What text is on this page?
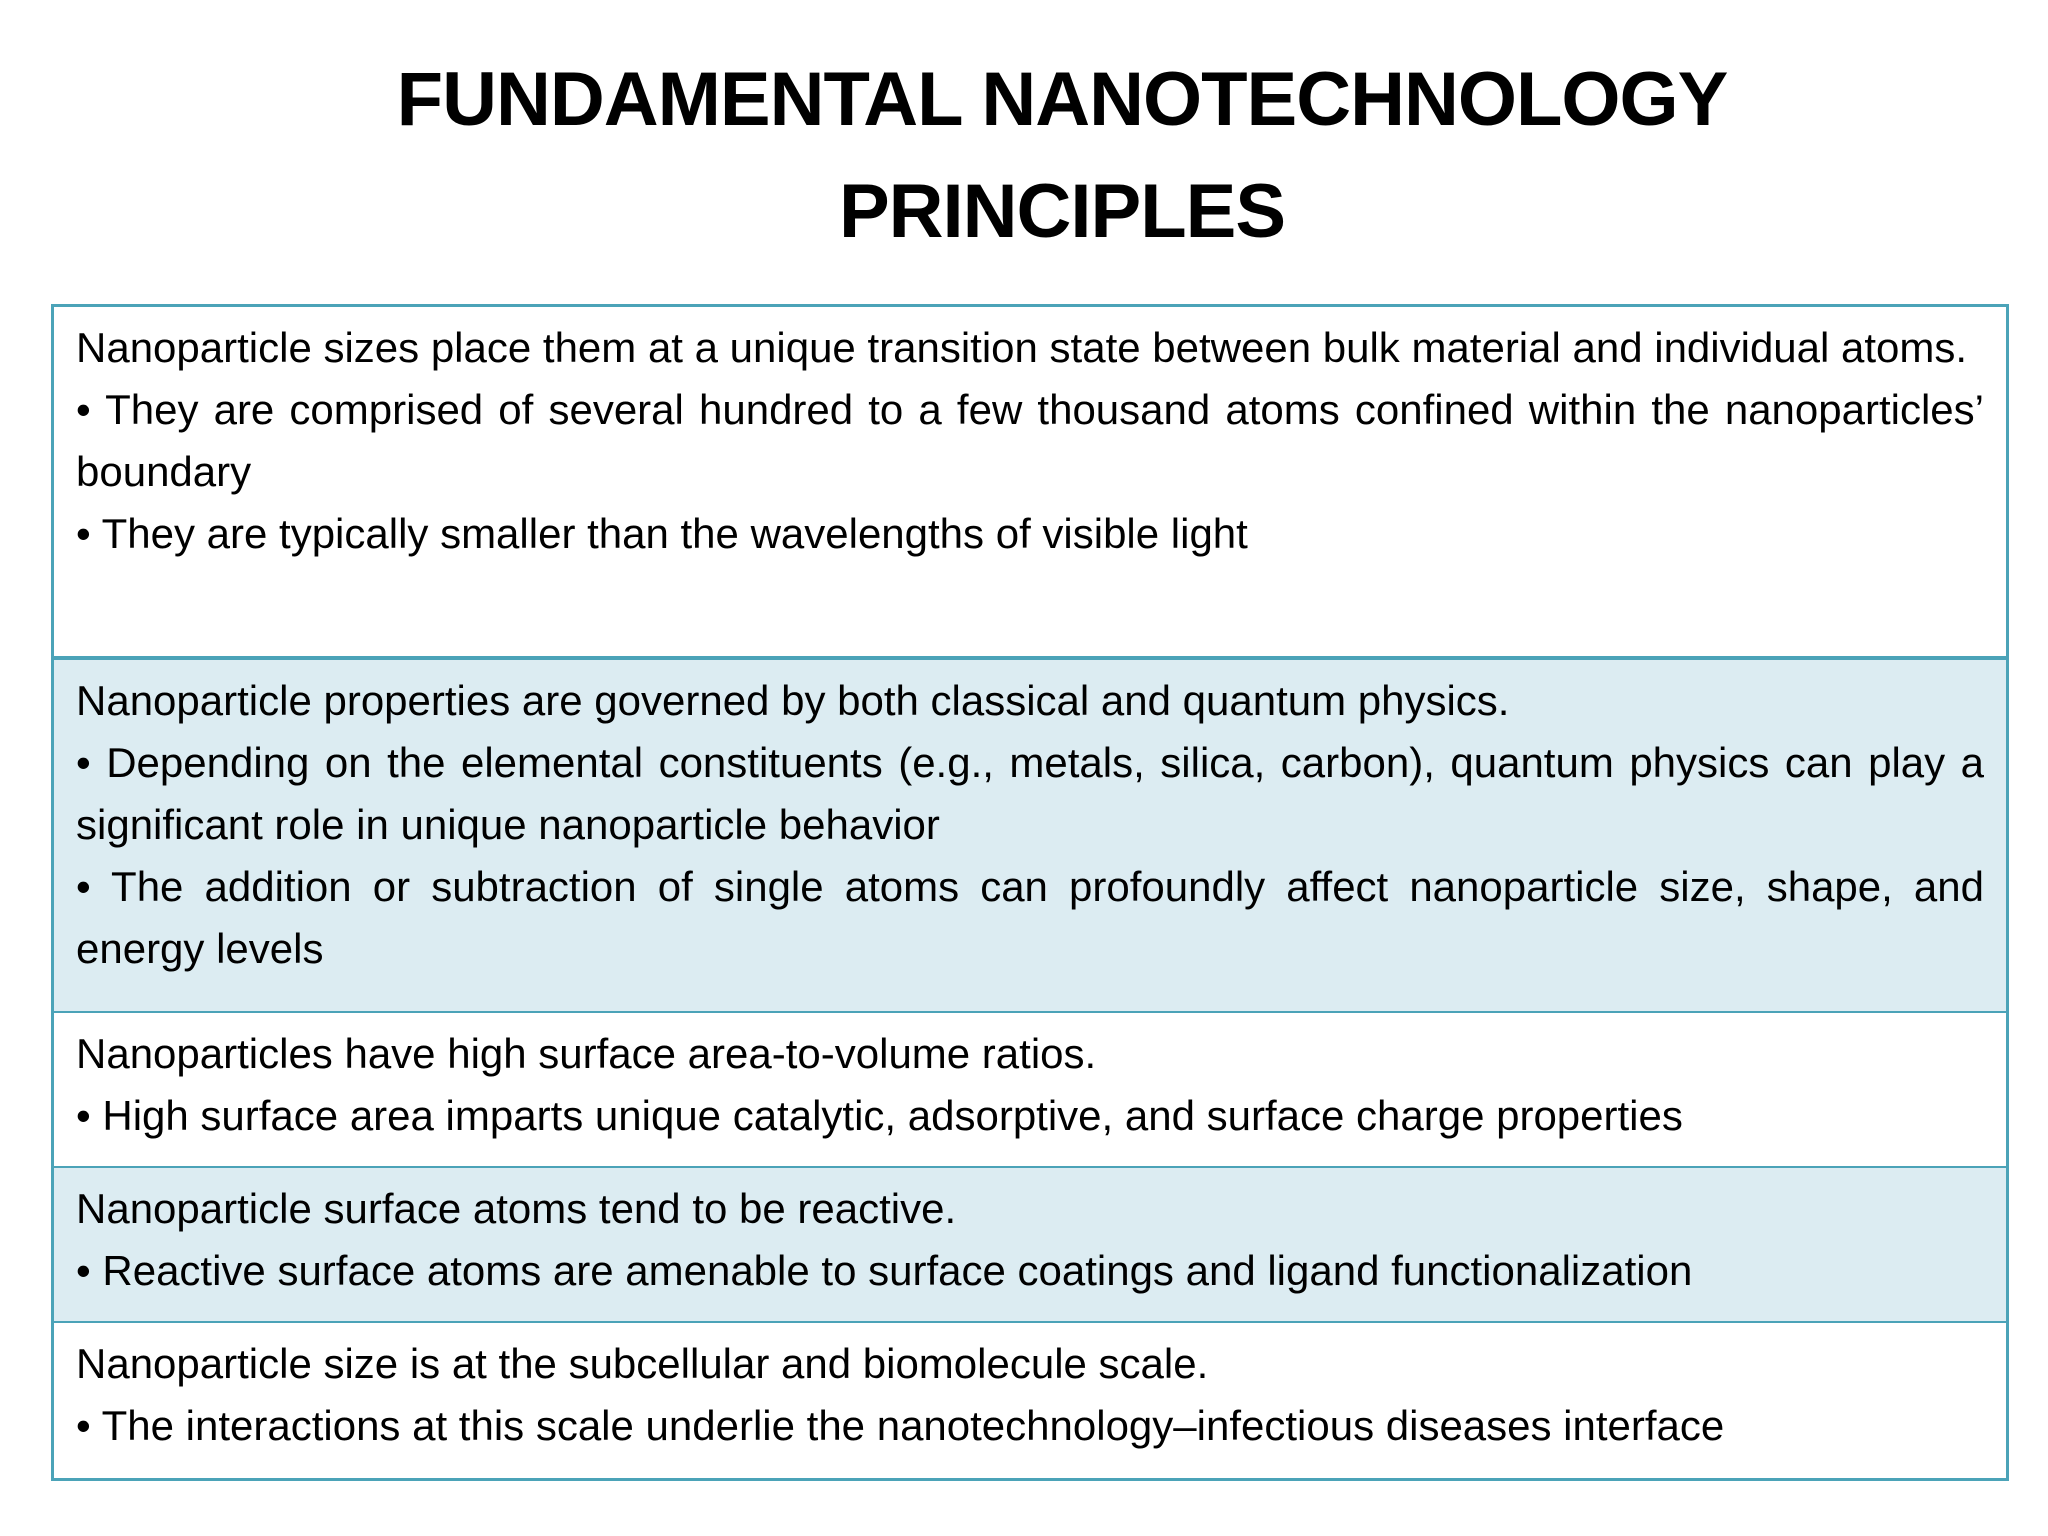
FUNDAMENTAL NANOTECHNOLOGY
PRINCIPLES
Nanoparticle sizes place them at a unique transition state between bulk material and individual atoms.
• They are comprised of several hundred to a few thousand atoms confined within the nanoparticles’ boundary
• They are typically smaller than the wavelengths of visible light
Nanoparticle properties are governed by both classical and quantum physics.
• Depending on the elemental constituents (e.g., metals, silica, carbon), quantum physics can play a significant role in unique nanoparticle behavior
• The addition or subtraction of single atoms can profoundly affect nanoparticle size, shape, and energy levels
Nanoparticles have high surface area-to-volume ratios.
• High surface area imparts unique catalytic, adsorptive, and surface charge properties
Nanoparticle surface atoms tend to be reactive.
• Reactive surface atoms are amenable to surface coatings and ligand functionalization
Nanoparticle size is at the subcellular and biomolecule scale.
• The interactions at this scale underlie the nanotechnology–infectious diseases interface
